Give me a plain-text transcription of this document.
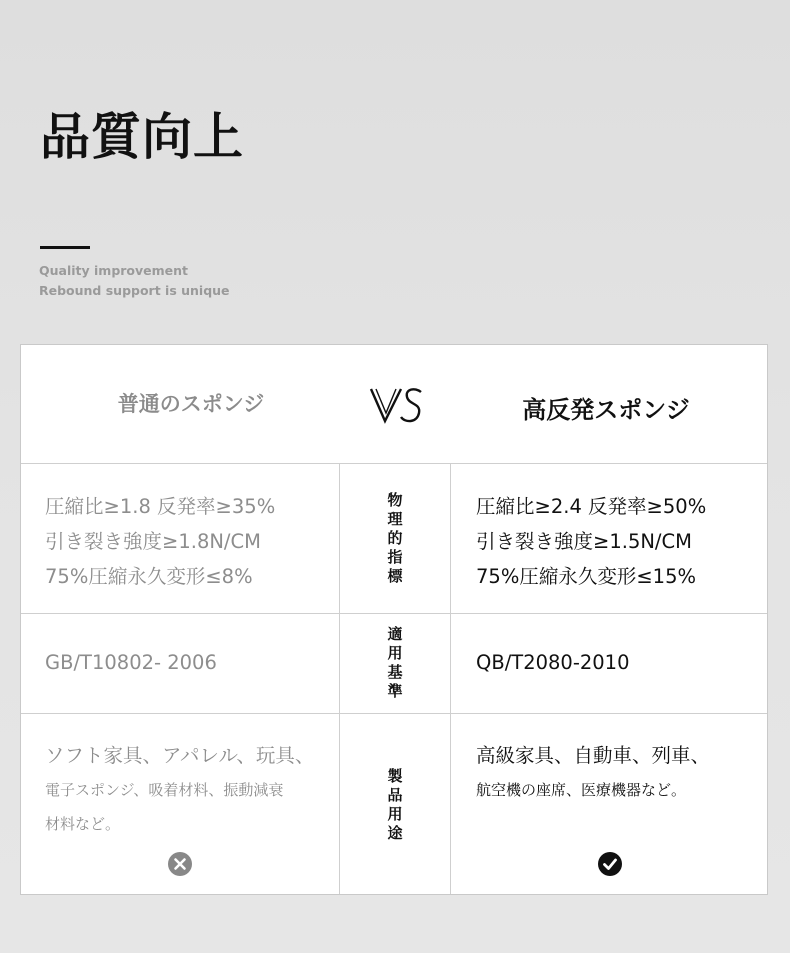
品質向上
Quality improvement
Rebound support is unique
普通のスポンジ	高反発スポンジ
圧縮比≥1.8 反発率≥35%
引き裂き強度≥1.8N/CM
75%圧縮永久変形≤8%
物理的指標
圧縮比≥2.4 反発率≥50%
引き裂き強度≥1.5N/CM
75%圧縮永久変形≤15%
GB/T10802- 2006
適用基準
QB/T2080-2010
ソフト家具、アパレル、玩具、
電子スポンジ、吸着材料、振動減衰
材料など。
製品用途
高級家具、自動車、列車、
航空機の座席、医療機器など。
